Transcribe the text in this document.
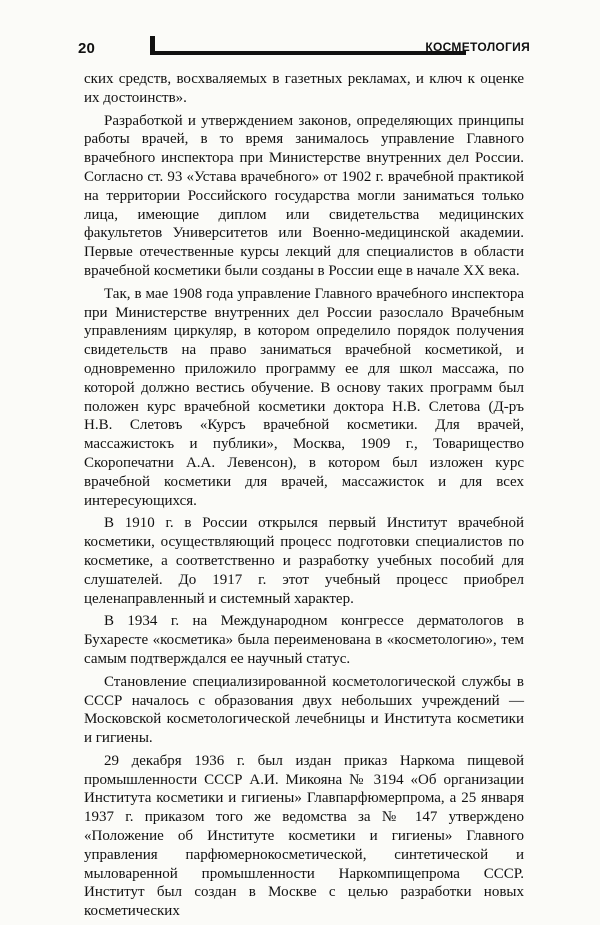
20	КОСМЕТОЛОГИЯ

ских средств, восхваляемых в газетных рекламах, и ключ к оценке их достоинств».

Разработкой и утверждением законов, определяющих принципы работы врачей, в то время занималось управление Главного врачебного инспектора при Министерстве внутренних дел России. Согласно ст. 93 «Устава врачебного» от 1902 г. врачебной практикой на территории Российского государства могли заниматься только лица, имеющие диплом или свидетельства медицинских факультетов Университетов или Военно-медицинской академии. Первые отечественные курсы лекций для специалистов в области врачебной косметики были созданы в России еще в начале XX века.

Так, в мае 1908 года управление Главного врачебного инспектора при Министерстве внутренних дел России разослало Врачебным управлениям циркуляр, в котором определило порядок получения свидетельств на право заниматься врачебной косметикой, и одновременно приложило программу ее для школ массажа, по которой должно вестись обучение. В основу таких программ был положен курс врачебной косметики доктора Н.В. Слетова (Д-ръ Н.В. Слетовъ «Курсъ врачебной косметики. Для врачей, массажистокъ и публики», Москва, 1909 г., Товарищество Скоропечатни А.А. Левенсон), в котором был изложен курс врачебной косметики для врачей, массажисток и для всех интересующихся.

В 1910 г. в России открылся первый Институт врачебной косметики, осуществляющий процесс подготовки специалистов по косметике, а соответственно и разработку учебных пособий для слушателей. До 1917 г. этот учебный процесс приобрел целенаправленный и системный характер.

В 1934 г. на Международном конгрессе дерматологов в Бухаресте «косметика» была переименована в «косметологию», тем самым подтверждался ее научный статус.

Становление специализированной косметологической службы в СССР началось с образования двух небольших учреждений — Московской косметологической лечебницы и Института косметики и гигиены.

29 декабря 1936 г. был издан приказ Наркома пищевой промышленности СССР А.И. Микояна № 3194 «Об организации Института косметики и гигиены» Главпарфюмерпрома, а 25 января 1937 г. приказом того же ведомства за № 147 утверждено «Положение об Институте косметики и гигиены» Главного управления парфюмернокосметической, синтетической и мыловаренной промышленности Наркомпищепрома СССР. Институт был создан в Москве с целью разработки новых косметических
